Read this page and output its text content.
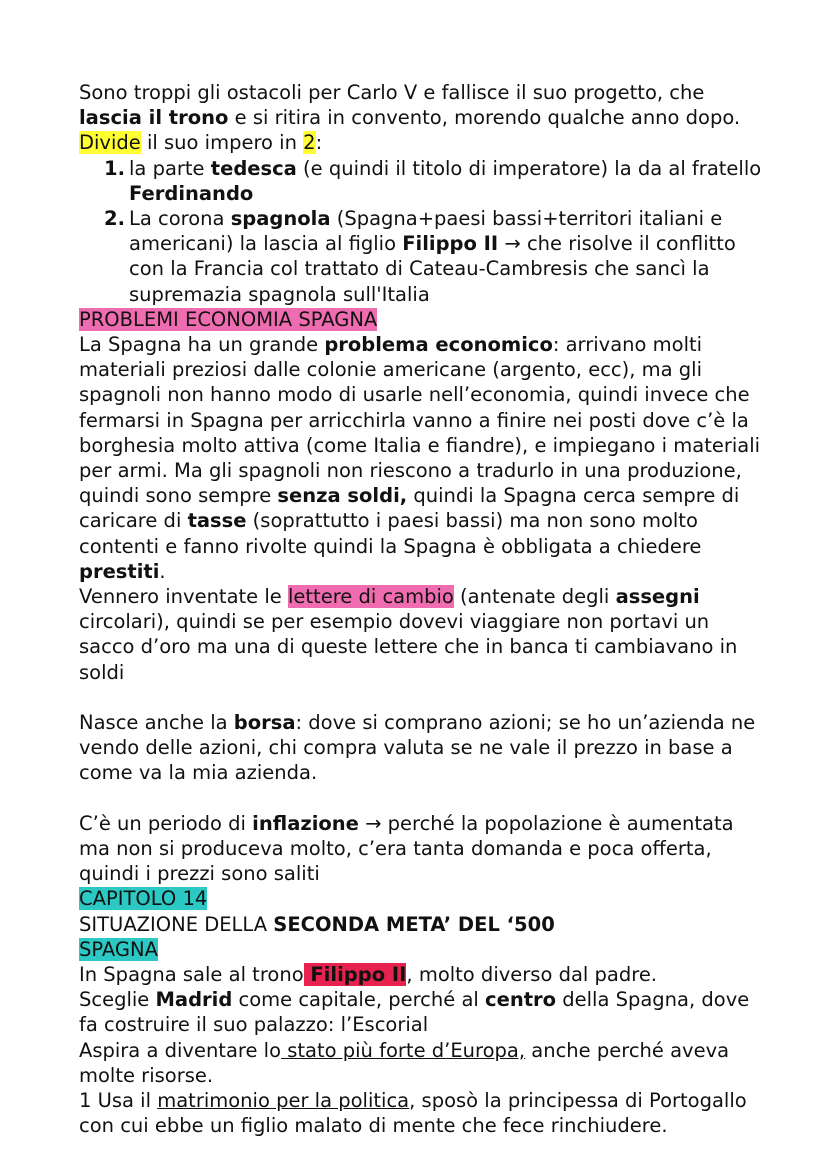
Sono troppi gli ostacoli per Carlo V e fallisce il suo progetto, che lascia il trono e si ritira in convento, morendo qualche anno dopo.

Divide il suo impero in 2:

1. la parte tedesca (e quindi il titolo di imperatore) la da al fratello Ferdinando
2. La corona spagnola (Spagna+paesi bassi+territori italiani e americani) la lascia al figlio Filippo II → che risolve il conflitto con la Francia col trattato di Cateau-Cambresis che sancì la supremazia spagnola sull'Italia

PROBLEMI ECONOMIA SPAGNA

La Spagna ha un grande problema economico: arrivano molti materiali preziosi dalle colonie americane (argento, ecc), ma gli spagnoli non hanno modo di usarle nell’economia, quindi invece che fermarsi in Spagna per arricchirla vanno a finire nei posti dove c’è la borghesia molto attiva (come Italia e fiandre), e impiegano i materiali per armi. Ma gli spagnoli non riescono a tradurlo in una produzione, quindi sono sempre senza soldi, quindi la Spagna cerca sempre di caricare di tasse (soprattutto i paesi bassi) ma non sono molto contenti e fanno rivolte quindi la Spagna è obbligata a chiedere prestiti.

Vennero inventate le lettere di cambio (antenate degli assegni circolari), quindi se per esempio dovevi viaggiare non portavi un sacco d’oro ma una di queste lettere che in banca ti cambiavano in soldi

Nasce anche la borsa: dove si comprano azioni; se ho un’azienda ne vendo delle azioni, chi compra valuta se ne vale il prezzo in base a come va la mia azienda.

C’è un periodo di inflazione → perché la popolazione è aumentata ma non si produceva molto, c’era tanta domanda e poca offerta, quindi i prezzi sono saliti

CAPITOLO 14

SITUAZIONE DELLA SECONDA META’ DEL ‘500

SPAGNA

In Spagna sale al trono Filippo II, molto diverso dal padre.

Sceglie Madrid come capitale, perché al centro della Spagna, dove fa costruire il suo palazzo: l’Escorial

Aspira a diventare lo stato più forte d’Europa, anche perché aveva molte risorse.

1 Usa il matrimonio per la politica, sposò la principessa di Portogallo con cui ebbe un figlio malato di mente che fece rinchiudere.
